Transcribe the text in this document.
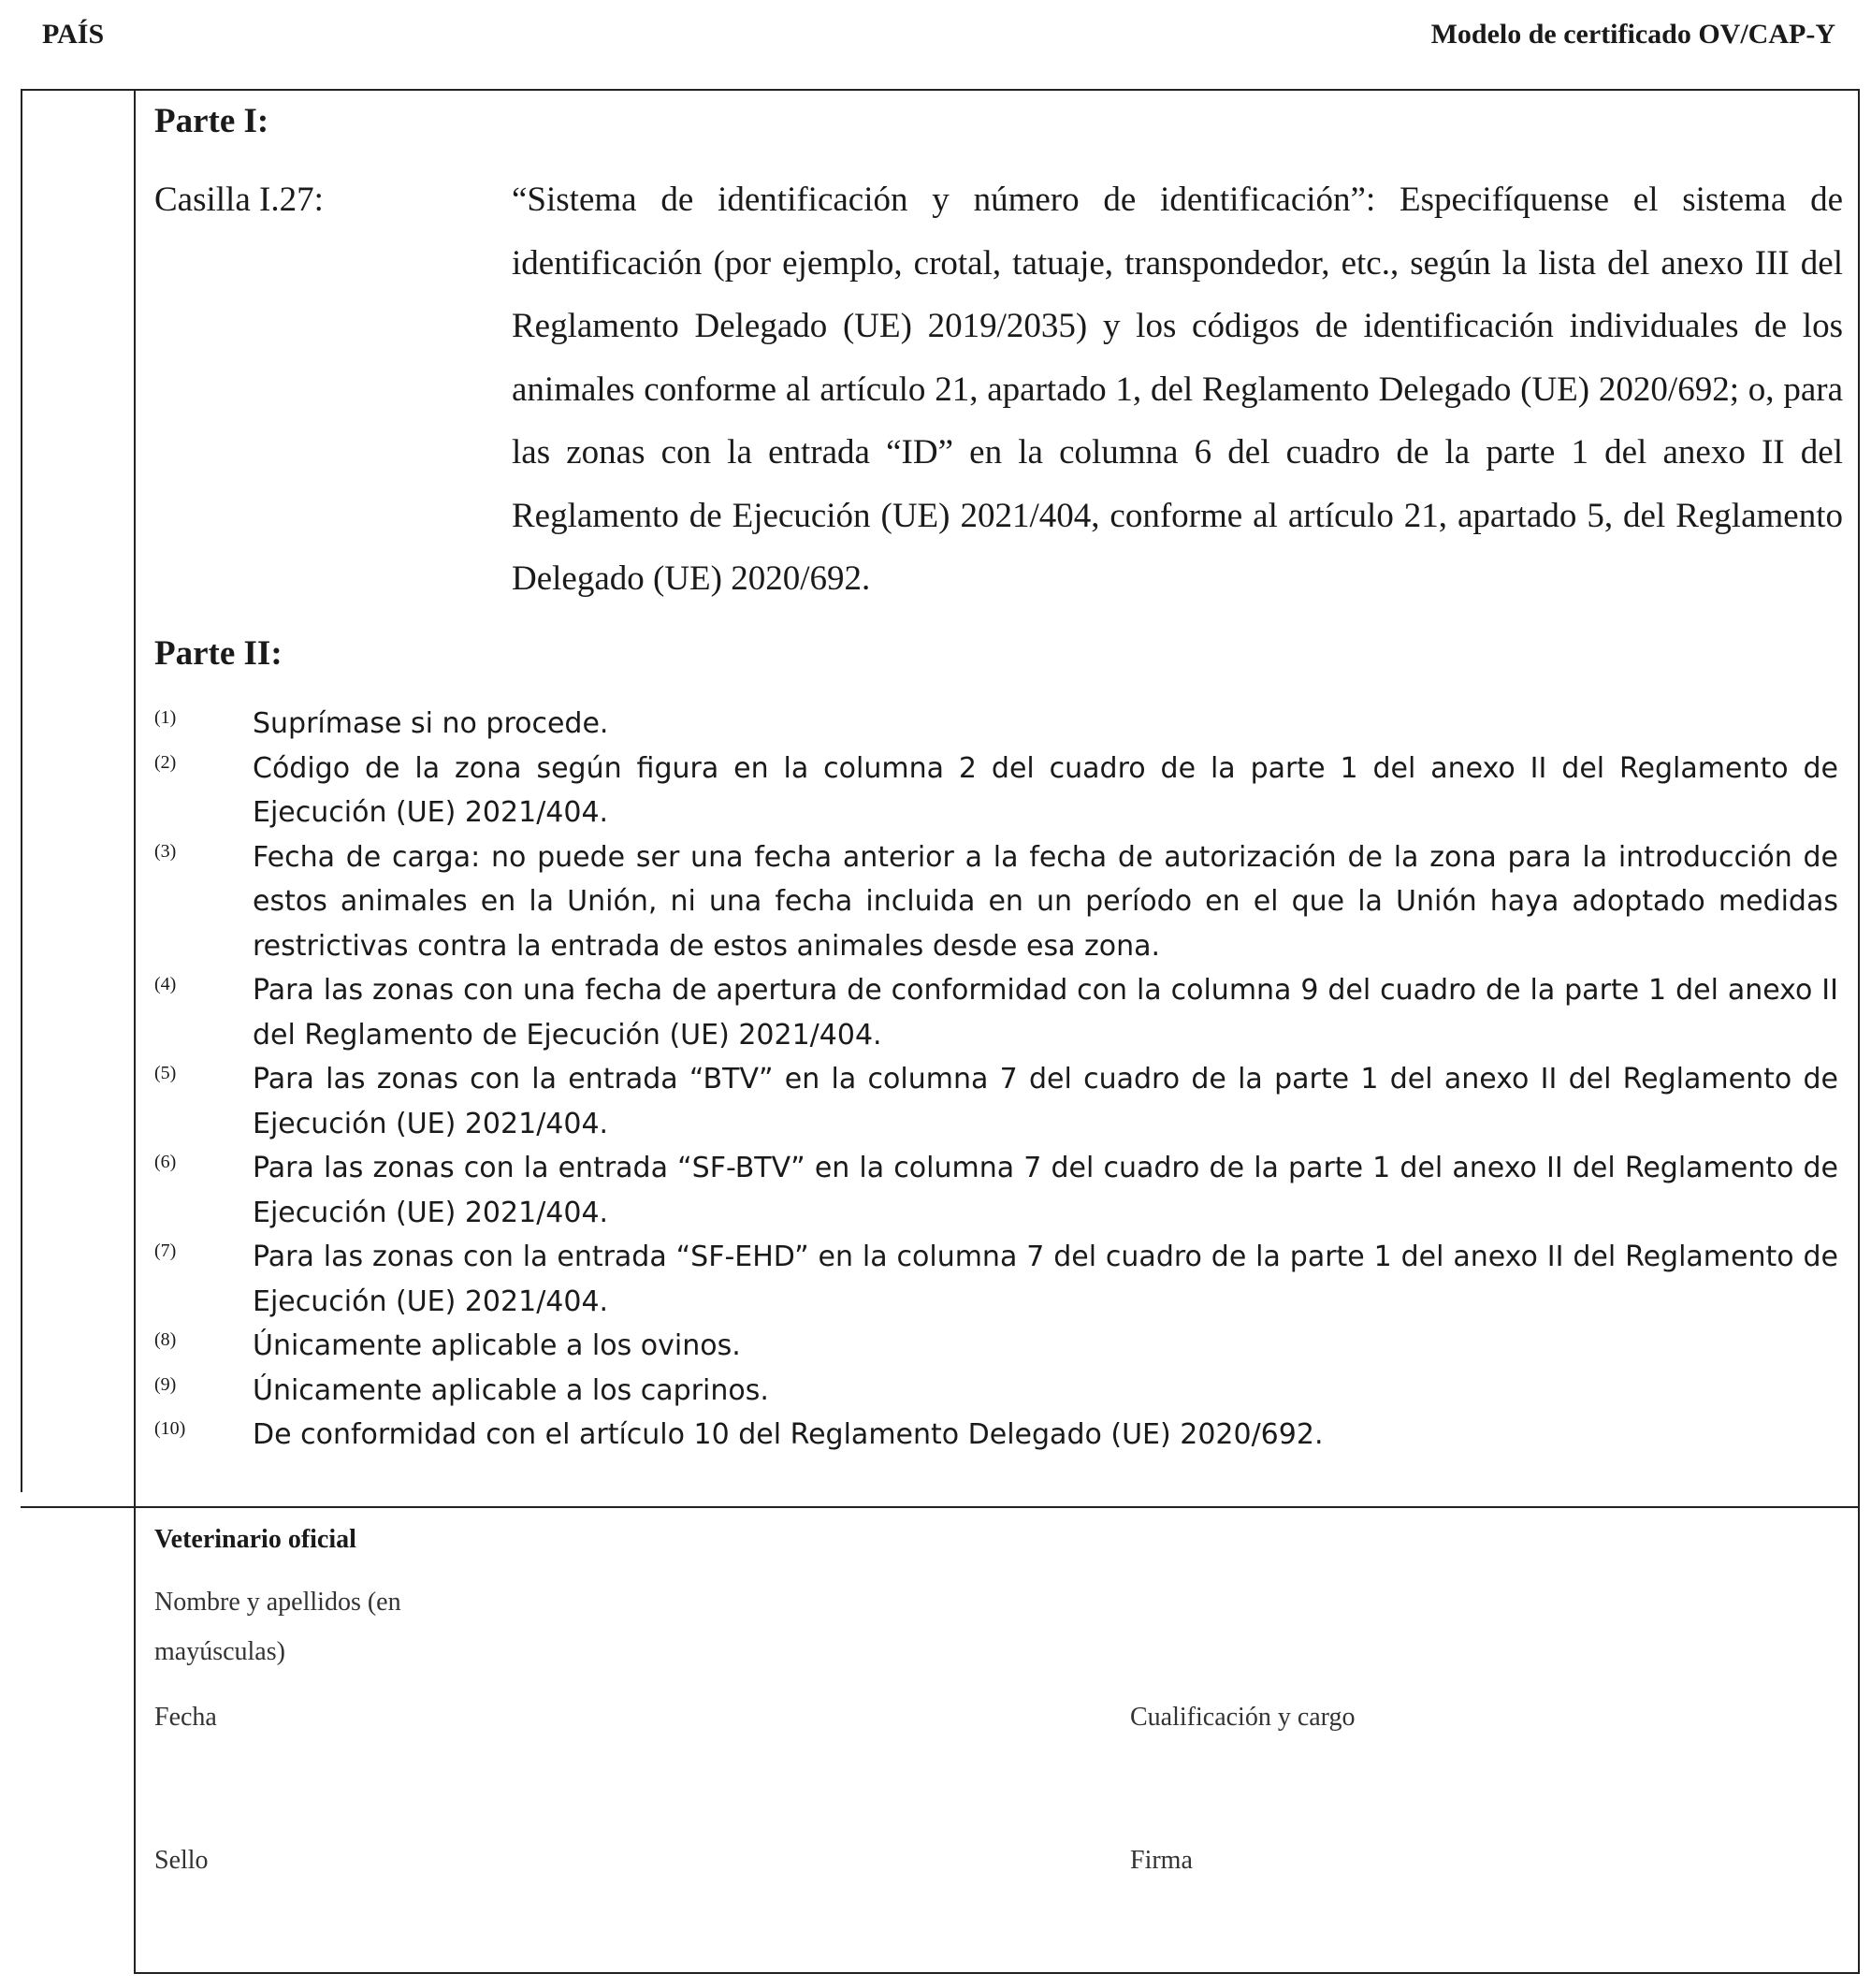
PAÍS	Modelo de certificado OV/CAP-Y
Parte I:
Casilla I.27:	“Sistema de identificación y número de identificación”: Especifíquense el sistema de identificación (por ejemplo, crotal, tatuaje, transpondedor, etc., según la lista del anexo III del Reglamento Delegado (UE) 2019/2035) y los códigos de identificación individuales de los animales conforme al artículo 21, apartado 1, del Reglamento Delegado (UE) 2020/692; o, para las zonas con la entrada “ID” en la columna 6 del cuadro de la parte 1 del anexo II del Reglamento de Ejecución (UE) 2021/404, conforme al artículo 21, apartado 5, del Reglamento Delegado (UE) 2020/692.
Parte II:
(1)	Suprímase si no procede.
(2)	Código de la zona según figura en la columna 2 del cuadro de la parte 1 del anexo II del Reglamento de Ejecución (UE) 2021/404.
(3)	Fecha de carga: no puede ser una fecha anterior a la fecha de autorización de la zona para la introducción de estos animales en la Unión, ni una fecha incluida en un período en el que la Unión haya adoptado medidas restrictivas contra la entrada de estos animales desde esa zona.
(4)	Para las zonas con una fecha de apertura de conformidad con la columna 9 del cuadro de la parte 1 del anexo II del Reglamento de Ejecución (UE) 2021/404.
(5)	Para las zonas con la entrada “BTV” en la columna 7 del cuadro de la parte 1 del anexo II del Reglamento de Ejecución (UE) 2021/404.
(6)	Para las zonas con la entrada “SF-BTV” en la columna 7 del cuadro de la parte 1 del anexo II del Reglamento de Ejecución (UE) 2021/404.
(7)	Para las zonas con la entrada “SF-EHD” en la columna 7 del cuadro de la parte 1 del anexo II del Reglamento de Ejecución (UE) 2021/404.
(8)	Únicamente aplicable a los ovinos.
(9)	Únicamente aplicable a los caprinos.
(10) De conformidad con el artículo 10 del Reglamento Delegado (UE) 2020/692.
Veterinario oficial
Nombre y apellidos (en
mayúsculas)
Fecha	Cualificación y cargo
Sello	Firma
